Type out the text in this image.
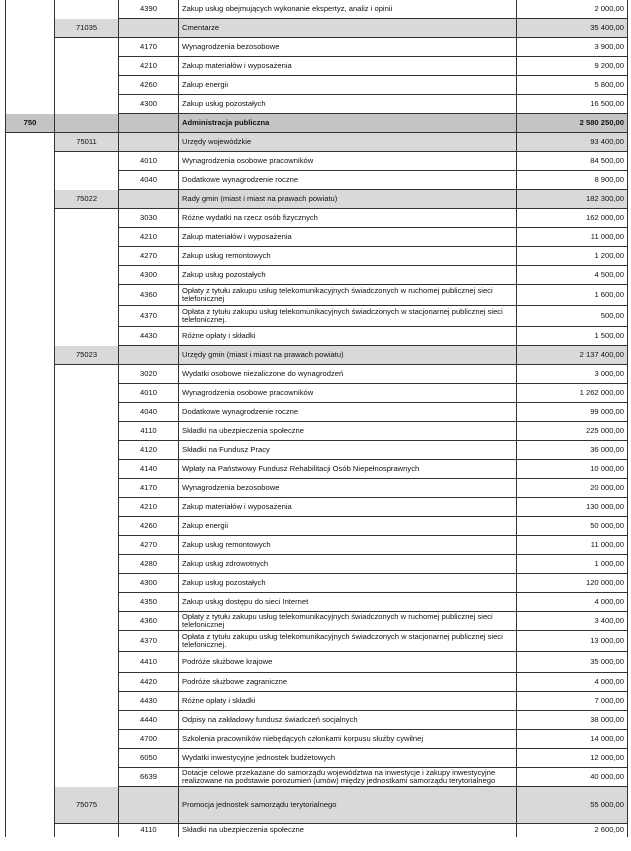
4390	Zakup usług obejmujących wykonanie ekspertyz, analiz i opinii	2 000,00
71035	Cmentarze	35 400,00
4170	Wynagrodzenia bezosobowe	3 900,00
4210	Zakup materiałów i wyposażenia	9 200,00
4260	Zakup energii	5 800,00
4300	Zakup usług pozostałych	16 500,00
750	Administracja publiczna	2 580 250,00
75011	Urzędy wojewódzkie	93 400,00
4010	Wynagrodzenia osobowe pracowników	84 500,00
4040	Dodatkowe wynagrodzenie roczne	8 900,00
75022	Rady gmin (miast i miast na prawach powiatu)	182 300,00
3030	Różne wydatki na rzecz osób fizycznych	162 000,00
4210	Zakup materiałów i wyposażenia	11 000,00
4270	Zakup usług remontowych	1 200,00
4300	Zakup usług pozostałych	4 500,00
4360	Opłaty z tytułu zakupu usług telekomunikacyjnych świadczonych w ruchomej publicznej sieci telefonicznej	1 600,00
4370	Opłata z tytułu zakupu usług telekomunikacyjnych świadczonych w stacjonarnej publicznej sieci telefonicznej.	500,00
4430	Różne opłaty i składki	1 500,00
75023	Urzędy gmin (miast i miast na prawach powiatu)	2 137 400,00
3020	Wydatki osobowe niezaliczone do wynagrodzeń	3 000,00
4010	Wynagrodzenia osobowe pracowników	1 262 000,00
4040	Dodatkowe wynagrodzenie roczne	99 000,00
4110	Składki na ubezpieczenia społeczne	225 000,00
4120	Składki na Fundusz Pracy	36 000,00
4140	Wpłaty na Państwowy Fundusz Rehabilitacji Osób Niepełnosprawnych	10 000,00
4170	Wynagrodzenia bezosobowe	20 000,00
4210	Zakup materiałów i wyposażenia	130 000,00
4260	Zakup energii	50 000,00
4270	Zakup usług remontowych	11 000,00
4280	Zakup usług zdrowotnych	1 000,00
4300	Zakup usług pozostałych	120 000,00
4350	Zakup usług dostępu do sieci Internet	4 000,00
4360	Opłaty z tytułu zakupu usług telekomunikacyjnych świadczonych w ruchomej publicznej sieci telefonicznej	3 400,00
4370	Opłata z tytułu zakupu usług telekomunikacyjnych świadczonych w stacjonarnej publicznej sieci telefonicznej.	13 000,00
4410	Podróże służbowe krajowe	35 000,00
4420	Podróże służbowe zagraniczne	4 000,00
4430	Różne opłaty i składki	7 000,00
4440	Odpisy na zakładowy fundusz świadczeń socjalnych	38 000,00
4700	Szkolenia pracowników niebędących członkami korpusu służby cywilnej	14 000,00
6050	Wydatki inwestycyjne jednostek budżetowych	12 000,00
6639	Dotacje celowe przekazane do samorządu województwa na inwestycje i zakupy inwestycyjne realizowane na podstawie porozumień (umów) między jednostkami samorządu terytorialnego	40 000,00
75075	Promocja jednostek samorządu terytorialnego	55 000,00
4110	Składki na ubezpieczenia społeczne	2 600,00
